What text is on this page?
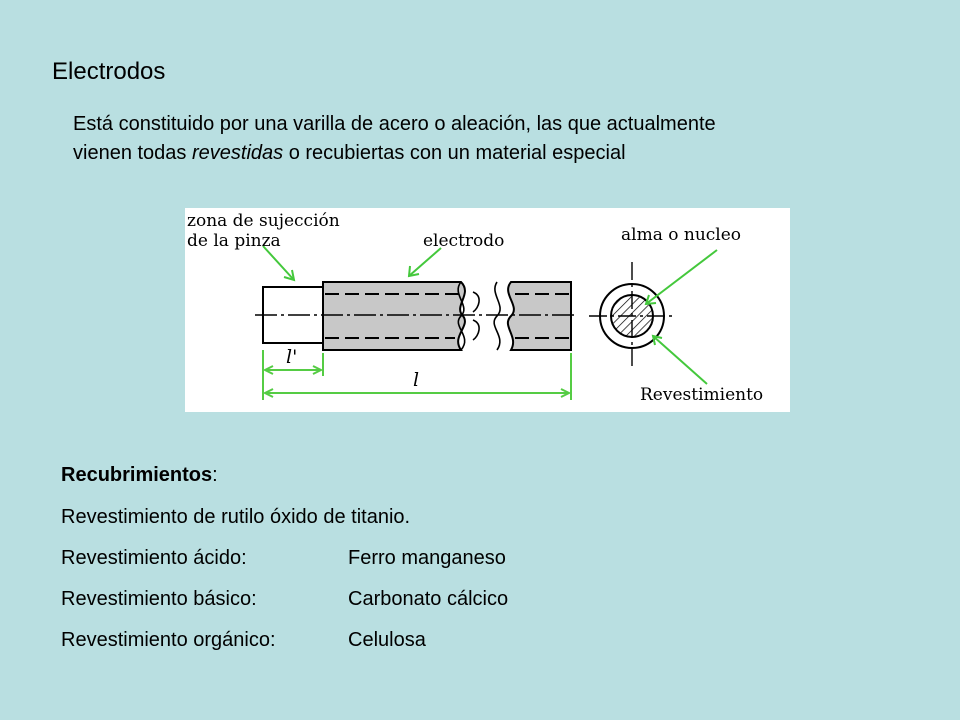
Electrodos
Está constituido por una varilla de acero o aleación, las que actualmente
vienen todas revestidas o recubiertas con un material especial
zona de sujección
de la pinza	electrodo	alma o nucleo
Revestimiento
l'
l
Recubrimientos:
Revestimiento de rutilo óxido de titanio.
Revestimiento ácido:	Ferro manganeso
Revestimiento básico:	Carbonato cálcico
Revestimiento orgánico:	Celulosa
